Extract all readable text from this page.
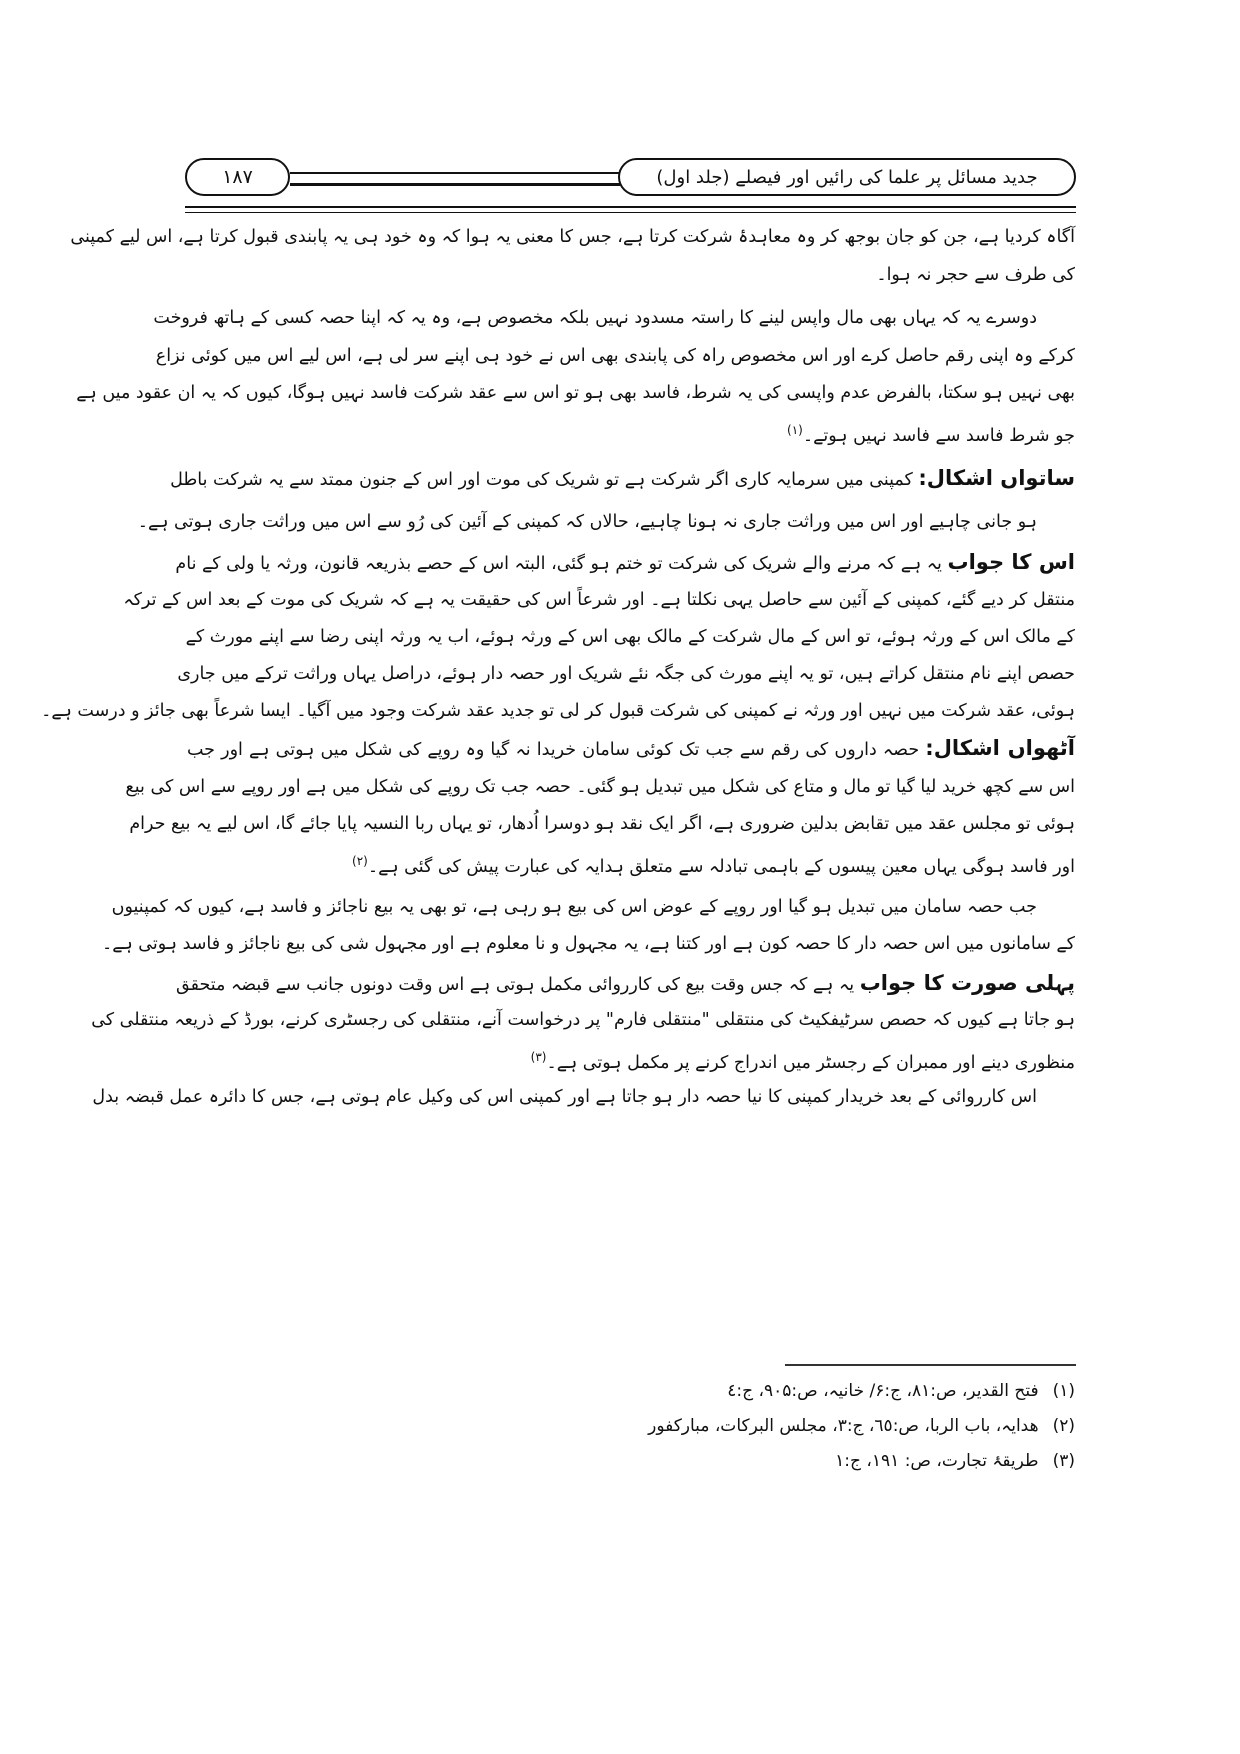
۱۸۷	جدید مسائل پر علما کی رائیں اور فیصلے (جلد اول)
آگاہ کردیا ہے، جن کو جان بوجھ کر وہ معاہدۂ شرکت کرتا ہے، جس کا معنی یہ ہوا کہ وہ خود ہی یہ پابندی قبول کرتا ہے، اس لیے کمپنی
کی طرف سے حجر نہ ہوا۔
دوسرے یہ کہ یہاں بھی مال واپس لینے کا راستہ مسدود نہیں بلکہ مخصوص ہے، وہ یہ کہ اپنا حصہ کسی کے ہاتھ فروخت
کرکے وہ اپنی رقم حاصل کرے اور اس مخصوص راہ کی پابندی بھی اس نے خود ہی اپنے سر لی ہے، اس لیے اس میں کوئی نزاع
بھی نہیں ہو سکتا، بالفرض عدم واپسی کی یہ شرط، فاسد بھی ہو تو اس سے عقد شرکت فاسد نہیں ہوگا، کیوں کہ یہ ان عقود میں ہے
جو شرط فاسد سے فاسد نہیں ہوتے۔$^{(۱)}$
ساتواں اشکال: کمپنی میں سرمایہ کاری اگر شرکت ہے تو شریک کی موت اور اس کے جنون ممتد سے یہ شرکت باطل
ہو جانی چاہیے اور اس میں وراثت جاری نہ ہونا چاہیے، حالاں کہ کمپنی کے آئین کی رُو سے اس میں وراثت جاری ہوتی ہے۔
اس کا جواب یہ ہے کہ مرنے والے شریک کی شرکت تو ختم ہو گئی، البتہ اس کے حصے بذریعہ قانون، ورثہ یا ولی کے نام
منتقل کر دیے گئے، کمپنی کے آئین سے حاصل یہی نکلتا ہے۔ اور شرعاً اس کی حقیقت یہ ہے کہ شریک کی موت کے بعد اس کے ترکہ
کے مالک اس کے ورثہ ہوئے، تو اس کے مال شرکت کے مالک بھی اس کے ورثہ ہوئے، اب یہ ورثہ اپنی رضا سے اپنے مورث کے
حصص اپنے نام منتقل کراتے ہیں، تو یہ اپنے مورث کی جگہ نئے شریک اور حصہ دار ہوئے، دراصل یہاں وراثت ترکے میں جاری
ہوئی، عقد شرکت میں نہیں اور ورثہ نے کمپنی کی شرکت قبول کر لی تو جدید عقد شرکت وجود میں آگیا۔ ایسا شرعاً بھی جائز و درست ہے۔
آٹھواں اشکال: حصہ داروں کی رقم سے جب تک کوئی سامان خریدا نہ گیا وہ روپے کی شکل میں ہوتی ہے اور جب
اس سے کچھ خرید لیا گیا تو مال و متاع کی شکل میں تبدیل ہو گئی۔ حصہ جب تک روپے کی شکل میں ہے اور روپے سے اس کی بیع
ہوئی تو مجلس عقد میں تقابض بدلین ضروری ہے، اگر ایک نقد ہو دوسرا اُدھار، تو یہاں ربا النسیہ پایا جائے گا، اس لیے یہ بیع حرام
اور فاسد ہوگی یہاں معین پیسوں کے باہمی تبادلہ سے متعلق ہدایہ کی عبارت پیش کی گئی ہے۔$^{(۲)}$
جب حصہ سامان میں تبدیل ہو گیا اور روپے کے عوض اس کی بیع ہو رہی ہے، تو بھی یہ بیع ناجائز و فاسد ہے، کیوں کہ کمپنیوں
کے سامانوں میں اس حصہ دار کا حصہ کون ہے اور کتنا ہے، یہ مجہول و نا معلوم ہے اور مجہول شی کی بیع ناجائز و فاسد ہوتی ہے۔
پہلی صورت کا جواب یہ ہے کہ جس وقت بیع کی کارروائی مکمل ہوتی ہے اس وقت دونوں جانب سے قبضہ متحقق
ہو جاتا ہے کیوں کہ حصص سرٹیفکیٹ کی منتقلی "منتقلی فارم" پر درخواست آنے، منتقلی کی رجسٹری کرنے، بورڈ کے ذریعہ منتقلی کی
منظوری دینے اور ممبران کے رجسٹر میں اندراج کرنے پر مکمل ہوتی ہے۔$^{(۳)}$
اس کارروائی کے بعد خریدار کمپنی کا نیا حصہ دار ہو جاتا ہے اور کمپنی اس کی وکیل عام ہوتی ہے، جس کا دائرہ عمل قبضہ بدل
(۱)فتح القدیر، ص:۸۱، ج:۶/ خانیہ، ص:۹۰۵، ج:٤
(۲)ھدایہ، باب الربا، ص:٦٥، ج:۳، مجلس البرکات، مبارکفور
(۳)طریقۂ تجارت، ص: ۱۹۱، ج:۱
